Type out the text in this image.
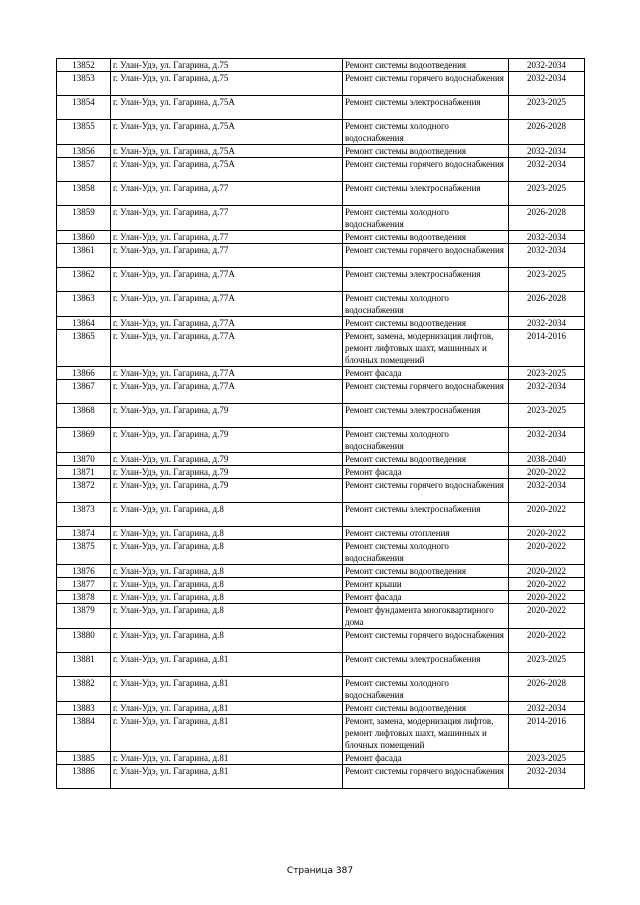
13852	г. Улан-Удэ, ул. Гагарина, д.75	Ремонт системы водоотведения	2032-2034
13853	г. Улан-Удэ, ул. Гагарина, д.75	Ремонт системы горячего водоснабжения	2032-2034
13854	г. Улан-Удэ, ул. Гагарина, д.75А	Ремонт системы электроснабжения	2023-2025
13855	г. Улан-Удэ, ул. Гагарина, д.75А	Ремонт системы холодного водоснабжения	2026-2028
13856	г. Улан-Удэ, ул. Гагарина, д.75А	Ремонт системы водоотведения	2032-2034
13857	г. Улан-Удэ, ул. Гагарина, д.75А	Ремонт системы горячего водоснабжения	2032-2034
13858	г. Улан-Удэ, ул. Гагарина, д.77	Ремонт системы электроснабжения	2023-2025
13859	г. Улан-Удэ, ул. Гагарина, д.77	Ремонт системы холодного водоснабжения	2026-2028
13860	г. Улан-Удэ, ул. Гагарина, д.77	Ремонт системы водоотведения	2032-2034
13861	г. Улан-Удэ, ул. Гагарина, д.77	Ремонт системы горячего водоснабжения	2032-2034
13862	г. Улан-Удэ, ул. Гагарина, д.77А	Ремонт системы электроснабжения	2023-2025
13863	г. Улан-Удэ, ул. Гагарина, д.77А	Ремонт системы холодного водоснабжения	2026-2028
13864	г. Улан-Удэ, ул. Гагарина, д.77А	Ремонт системы водоотведения	2032-2034
13865	г. Улан-Удэ, ул. Гагарина, д.77А	Ремонт, замена, модернизация лифтов, ремонт лифтовых шахт, машинных и блочных помещений	2014-2016
13866	г. Улан-Удэ, ул. Гагарина, д.77А	Ремонт фасада	2023-2025
13867	г. Улан-Удэ, ул. Гагарина, д.77А	Ремонт системы горячего водоснабжения	2032-2034
13868	г. Улан-Удэ, ул. Гагарина, д.79	Ремонт системы электроснабжения	2023-2025
13869	г. Улан-Удэ, ул. Гагарина, д.79	Ремонт системы холодного водоснабжения	2032-2034
13870	г. Улан-Удэ, ул. Гагарина, д.79	Ремонт системы водоотведения	2038-2040
13871	г. Улан-Удэ, ул. Гагарина, д.79	Ремонт фасада	2020-2022
13872	г. Улан-Удэ, ул. Гагарина, д.79	Ремонт системы горячего водоснабжения	2032-2034
13873	г. Улан-Удэ, ул. Гагарина, д.8	Ремонт системы электроснабжения	2020-2022
13874	г. Улан-Удэ, ул. Гагарина, д.8	Ремонт системы отопления	2020-2022
13875	г. Улан-Удэ, ул. Гагарина, д.8	Ремонт системы холодного водоснабжения	2020-2022
13876	г. Улан-Удэ, ул. Гагарина, д.8	Ремонт системы водоотведения	2020-2022
13877	г. Улан-Удэ, ул. Гагарина, д.8	Ремонт крыши	2020-2022
13878	г. Улан-Удэ, ул. Гагарина, д.8	Ремонт фасада	2020-2022
13879	г. Улан-Удэ, ул. Гагарина, д.8	Ремонт фундамента многоквартирного дома	2020-2022
13880	г. Улан-Удэ, ул. Гагарина, д.8	Ремонт системы горячего водоснабжения	2020-2022
13881	г. Улан-Удэ, ул. Гагарина, д.81	Ремонт системы электроснабжения	2023-2025
13882	г. Улан-Удэ, ул. Гагарина, д.81	Ремонт системы холодного водоснабжения	2026-2028
13883	г. Улан-Удэ, ул. Гагарина, д.81	Ремонт системы водоотведения	2032-2034
13884	г. Улан-Удэ, ул. Гагарина, д.81	Ремонт, замена, модернизация лифтов, ремонт лифтовых шахт, машинных и блочных помещений	2014-2016
13885	г. Улан-Удэ, ул. Гагарина, д.81	Ремонт фасада	2023-2025
13886	г. Улан-Удэ, ул. Гагарина, д.81	Ремонт системы горячего водоснабжения	2032-2034
Страница 387
